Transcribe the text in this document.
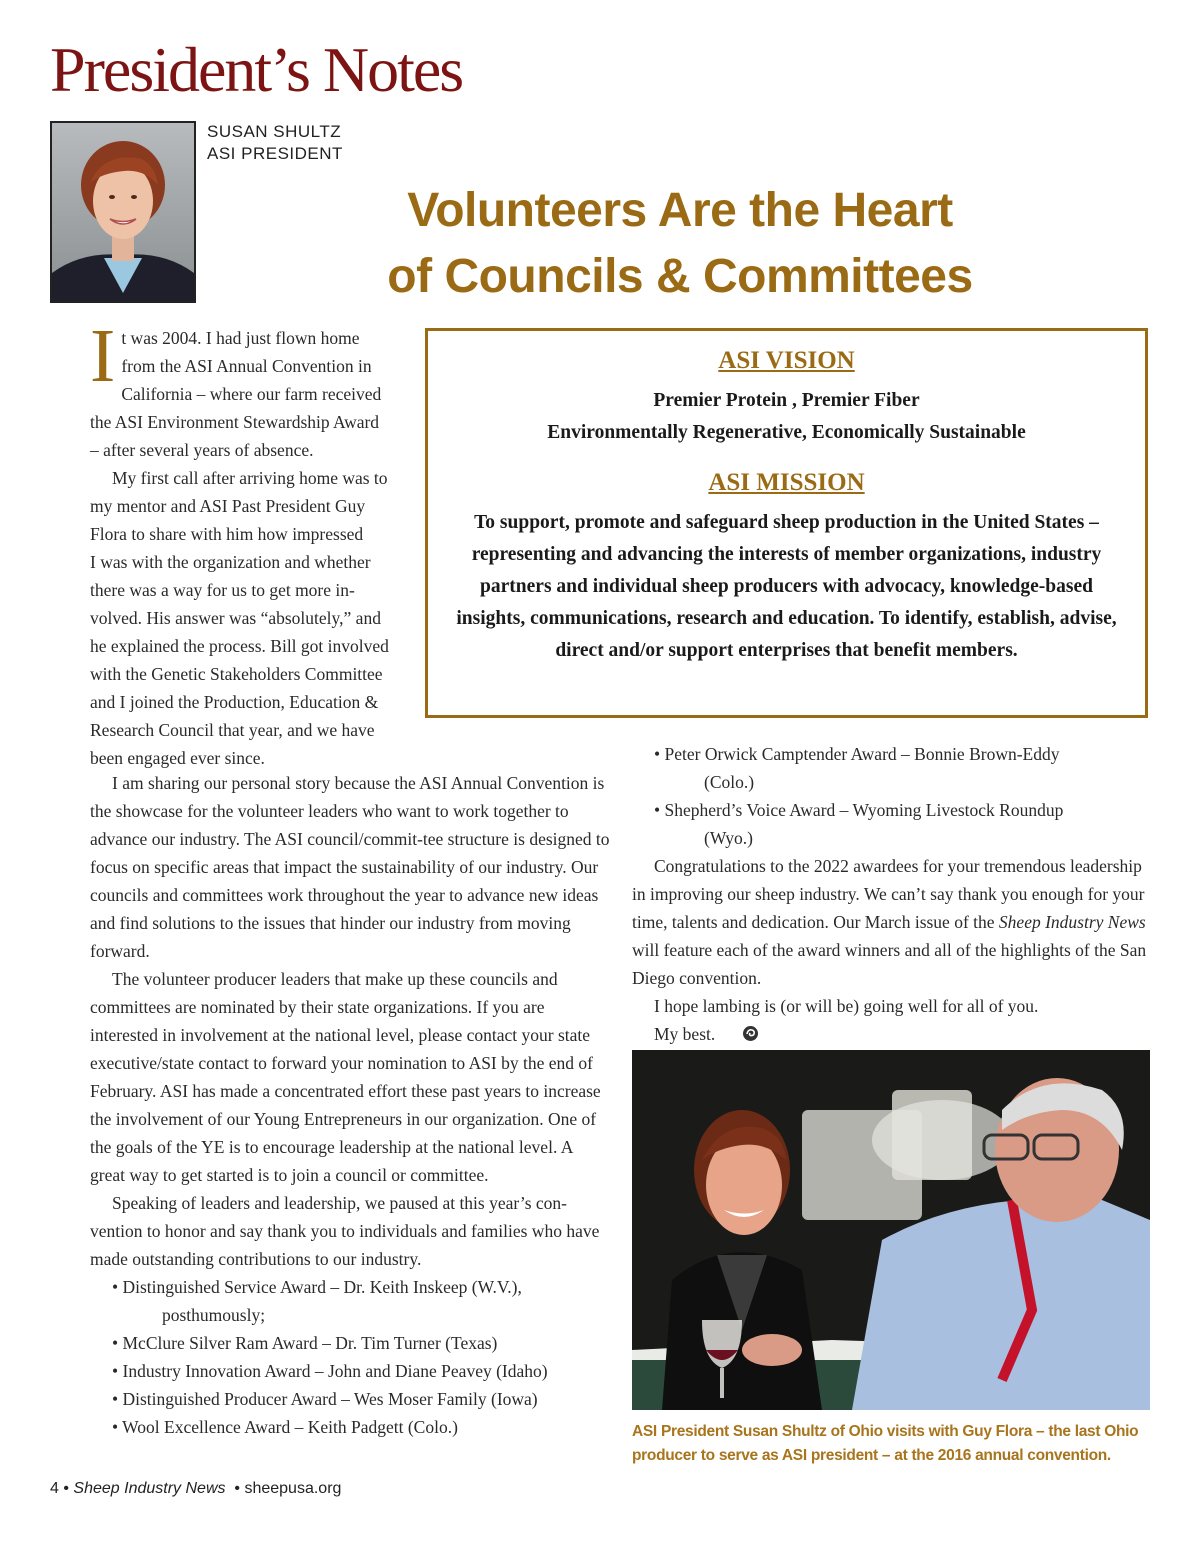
President’s Notes
SUSAN SHULTZ
ASI PRESIDENT
Volunteers Are the Heart
of Councils & Committees

ASI VISION

Premier Protein , Premier Fiber

Environmentally Regenerative, Economically Sustainable

ASI MISSION

To support, promote and safeguard sheep production in the United States – representing and advancing the interests of member organizations, industry partners and individual sheep producers with advocacy, knowledge-based insights, communications, research and education. To identify, establish, advise, direct and/or support enterprises that benefit members.

I t was 2004. I had just flown home
from the ASI Annual Convention in
California – where our farm received
the ASI Environment Stewardship Award
– after several years of absence.
My first call after arriving home was to
my mentor and ASI Past President Guy
Flora to share with him how impressed
I was with the organization and whether
there was a way for us to get more in-
volved. His answer was “absolutely,” and
he explained the process. Bill got involved
with the Genetic Stakeholders Committee
and I joined the Production, Education &
Research Council that year, and we have
been engaged ever since.

I am sharing our personal story because the ASI Annual Convention is the showcase for the volunteer leaders who want to work together to advance our industry. The ASI council/commit-tee structure is designed to focus on specific areas that impact the sustainability of our industry. Our councils and committees work throughout the year to advance new ideas and find solutions to the issues that hinder our industry from moving forward.

The volunteer producer leaders that make up these councils and committees are nominated by their state organizations. If you are interested in involvement at the national level, please contact your state executive/state contact to forward your nomination to ASI by the end of February. ASI has made a concentrated effort these past years to increase the involvement of our Young Entrepreneurs in our organization. One of the goals of the YE is to encourage leadership at the national level. A great way to get started is to join a council or committee.

Speaking of leaders and leadership, we paused at this year’s con-vention to honor and say thank you to individuals and families who have made outstanding contributions to our industry.

• Distinguished Service Award – Dr. Keith Inskeep (W.V.),
posthumously;
• McClure Silver Ram Award – Dr. Tim Turner (Texas)
• Industry Innovation Award – John and Diane Peavey (Idaho)
• Distinguished Producer Award – Wes Moser Family (Iowa)
• Wool Excellence Award – Keith Padgett (Colo.)
• Peter Orwick Camptender Award – Bonnie Brown-Eddy
(Colo.)
• Shepherd’s Voice Award – Wyoming Livestock Roundup
(Wyo.)

Congratulations to the 2022 awardees for your tremendous leadership in improving our sheep industry. We can’t say thank you enough for your time, talents and dedication. Our March issue of the Sheep Industry News will feature each of the award winners and all of the highlights of the San Diego convention.

I hope lambing is (or will be) going well for all of you.

My best.

ASI President Susan Shultz of Ohio visits with Guy Flora – the last Ohio producer to serve as ASI president – at the 2016 annual convention.
4 • Sheep Industry News • sheepusa.org
